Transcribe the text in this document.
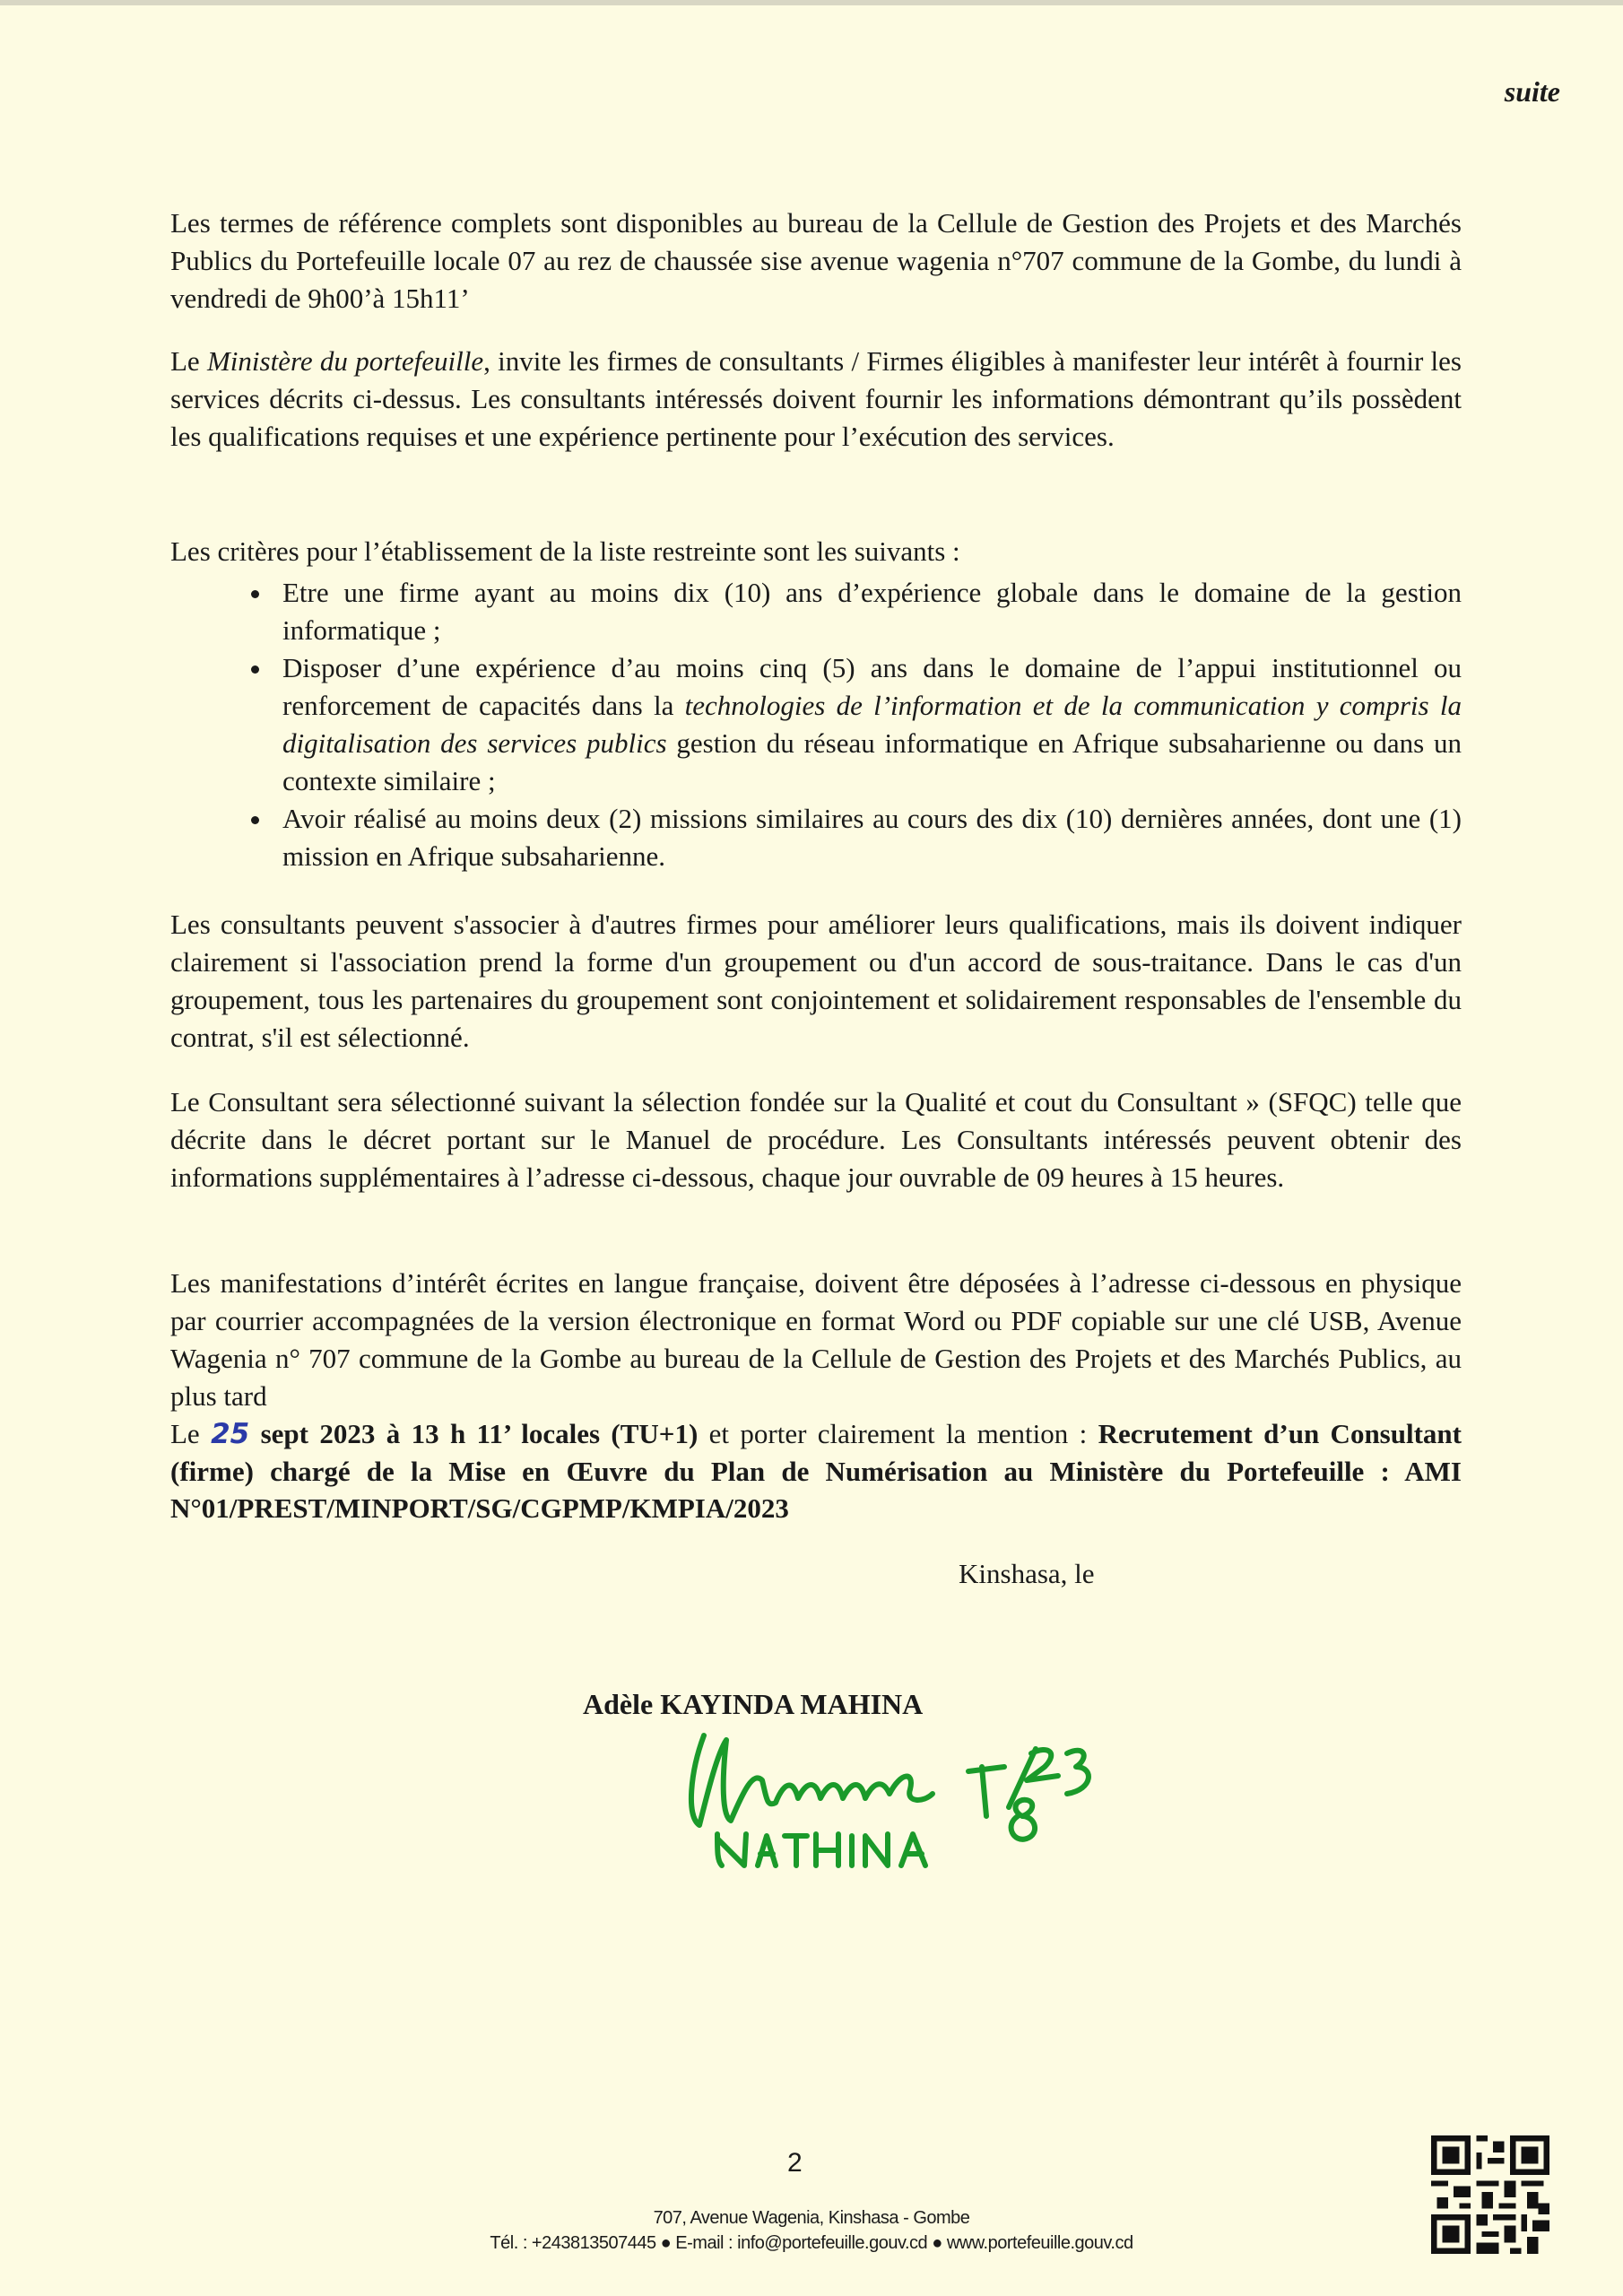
suite

Les termes de référence complets sont disponibles au bureau de la Cellule de Gestion des Projets et des Marchés Publics du Portefeuille locale 07 au rez de chaussée sise avenue wagenia n°707 commune de la Gombe, du lundi à vendredi de 9h00’à 15h11’

Le Ministère du portefeuille, invite les firmes de consultants / Firmes éligibles à manifester leur intérêt à fournir les services décrits ci-dessus. Les consultants intéressés doivent fournir les informations démontrant qu’ils possèdent les qualifications requises et une expérience pertinente pour l’exécution des services.

Les critères pour l’établissement de la liste restreinte sont les suivants :

• Etre une firme ayant au moins dix (10) ans d’expérience globale dans le domaine de la gestion informatique ;
• Disposer d’une expérience d’au moins cinq (5) ans dans le domaine de l’appui institutionnel ou renforcement de capacités dans la technologies de l’information et de la communication y compris la digitalisation des services publics gestion du réseau informatique en Afrique subsaharienne ou dans un contexte similaire ;
• Avoir réalisé au moins deux (2) missions similaires au cours des dix (10) dernières années, dont une (1) mission en Afrique subsaharienne.

Les consultants peuvent s'associer à d'autres firmes pour améliorer leurs qualifications, mais ils doivent indiquer clairement si l'association prend la forme d'un groupement ou d'un accord de sous-traitance. Dans le cas d'un groupement, tous les partenaires du groupement sont conjointement et solidairement responsables de l'ensemble du contrat, s'il est sélectionné.

Le Consultant sera sélectionné suivant la sélection fondée sur la Qualité et cout du Consultant » (SFQC) telle que décrite dans le décret portant sur le Manuel de procédure. Les Consultants intéressés peuvent obtenir des informations supplémentaires à l’adresse ci-dessous, chaque jour ouvrable de 09 heures à 15 heures.

Les manifestations d’intérêt écrites en langue française, doivent être déposées à l’adresse ci-dessous en physique par courrier accompagnées de la version électronique en format Word ou PDF copiable sur une clé USB, Avenue Wagenia n° 707 commune de la Gombe au bureau de la Cellule de Gestion des Projets et des Marchés Publics, au plus tard

Le 25 sept 2023 à 13 h 11’ locales (TU+1) et porter clairement la mention : Recrutement d’un Consultant (firme) chargé de la Mise en Œuvre du Plan de Numérisation au Ministère du Portefeuille : AMI N°01/PREST/MINPORT/SG/CGPMP/KMPIA/2023

Kinshasa, le
Adèle KAYINDA MAHINA
2
707, Avenue Wagenia, Kinshasa - Gombe
Tél. : +243813507445 ● E-mail : info@portefeuille.gouv.cd ● www.portefeuille.gouv.cd
